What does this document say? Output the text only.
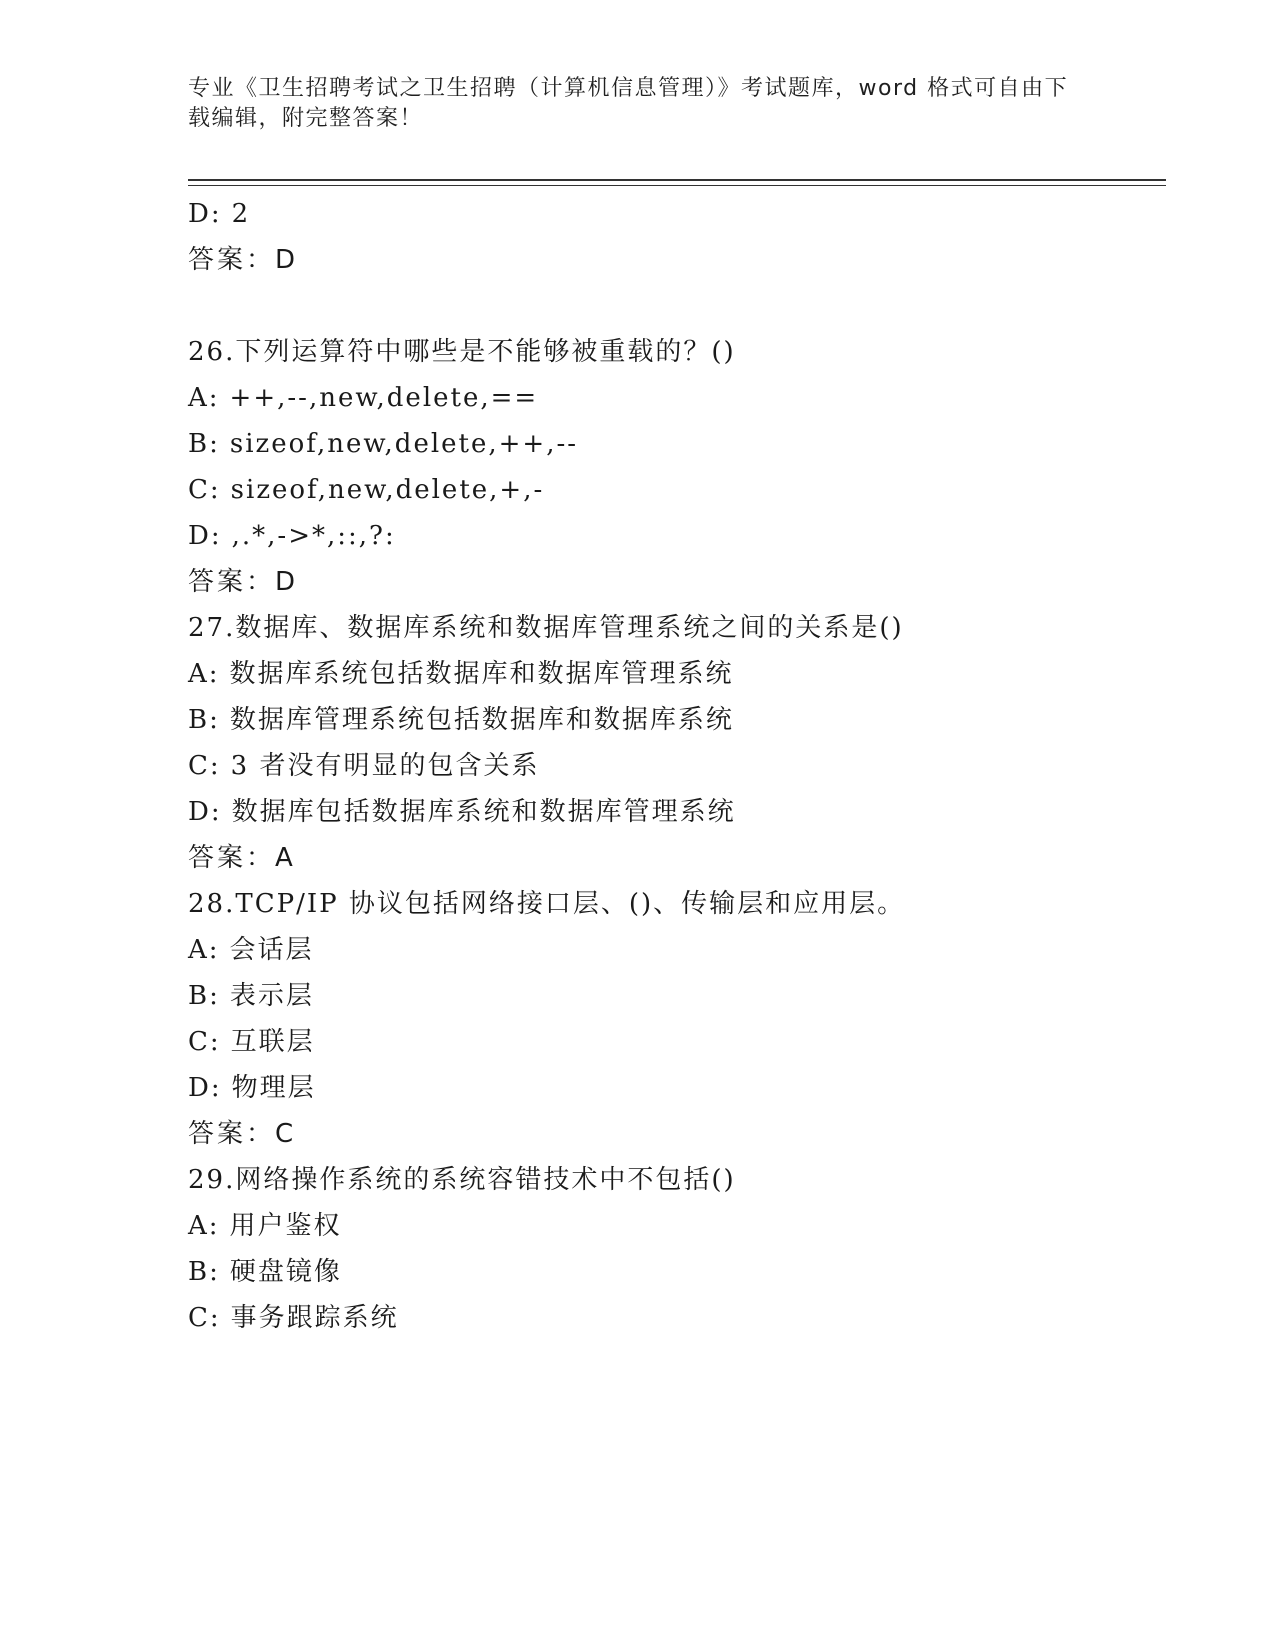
专业《卫生招聘考试之卫生招聘（计算机信息管理）》考试题库，word 格式可自由下载编辑，附完整答案！
D: 2
答案：D
26.下列运算符中哪些是不能够被重载的？()
A: ++,--,new,delete,==
B: sizeof,new,delete,++,--
C: sizeof,new,delete,+,-
D: ,.*,->*,::,?:
答案：D
27.数据库、数据库系统和数据库管理系统之间的关系是()
A: 数据库系统包括数据库和数据库管理系统
B: 数据库管理系统包括数据库和数据库系统
C: 3 者没有明显的包含关系
D: 数据库包括数据库系统和数据库管理系统
答案：A
28.TCP/IP 协议包括网络接口层、()、传输层和应用层。
A: 会话层
B: 表示层
C: 互联层
D: 物理层
答案：C
29.网络操作系统的系统容错技术中不包括()
A: 用户鉴权
B: 硬盘镜像
C: 事务跟踪系统
